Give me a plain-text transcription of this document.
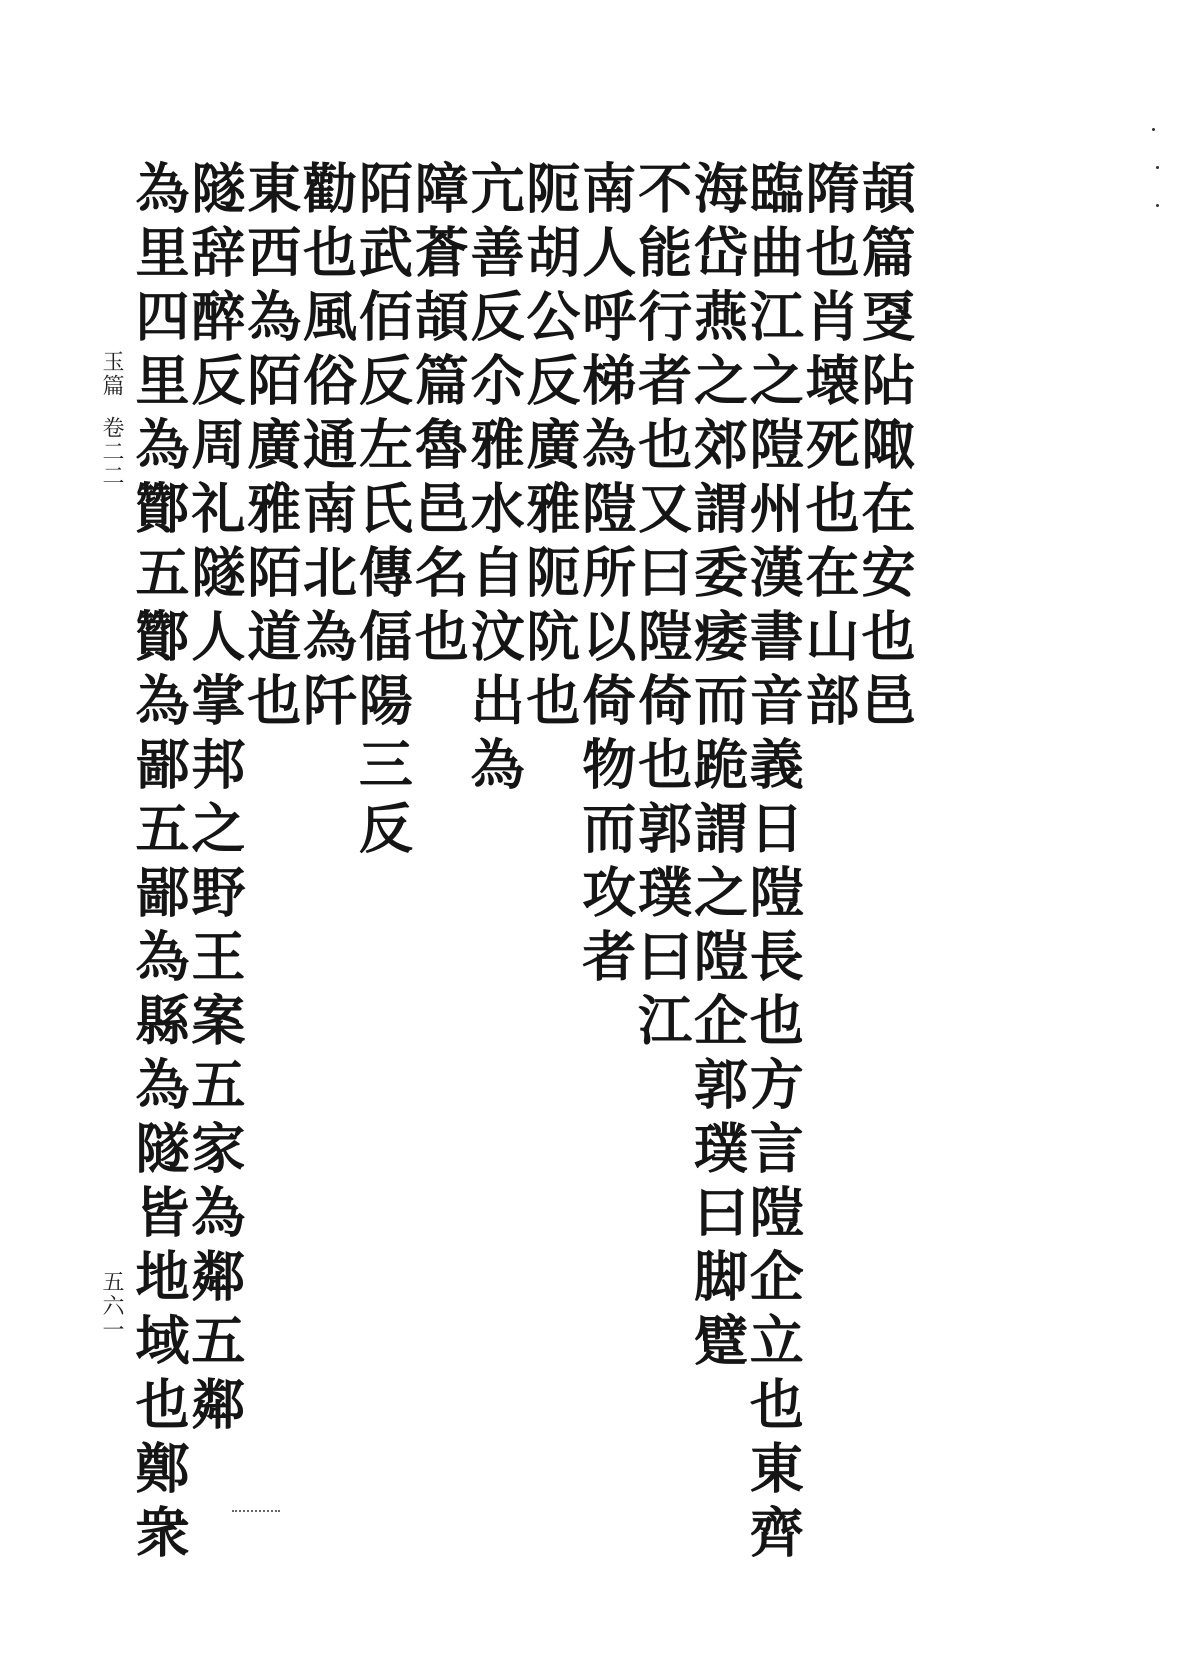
玉篇卷二二
五六一
頡篇㪅阽陬在安也邑
隋也肖壊死也在山部
臨曲江之隑州漢書音義日隑長也方言隑企立也東齊
海岱燕之郊謂委痿而跪謂之隑企郭璞曰脚躄
不能行者也又曰隑倚也郭璞曰江
南人呼梯為隑所以倚物而攻者
阨胡公反廣雅阨阬也
亢善反尒雅水自汶出為
障蒼頡篇魯邑名也
陌武佰反左氏傳偪陽三反
勸也風俗通南北為阡
東西為陌廣雅陌道也
隧辞醉反周礼隧人掌邦之野王案五家為鄰五鄰
為里四里為酇五酇為鄙五鄙為縣為隧皆地域也鄭衆
